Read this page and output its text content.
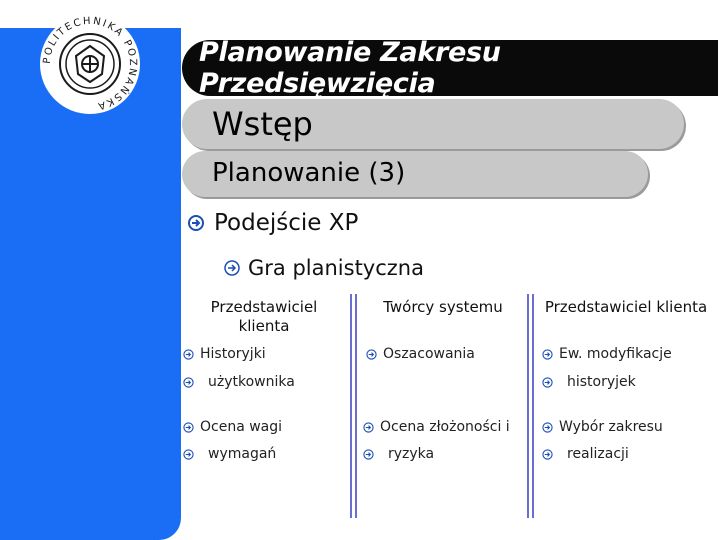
POLITECHNIKA POZNAŃSKA
Planowanie Zakresu Przedsięwzięcia
Wstęp
Planowanie (3)
Podejście XP
Gra planistyczna
Przedstawiciel klienta
Twórcy systemu	Przedstawiciel klienta
Historyjki
użytkownika
Ocena wagi
wymagań
Oszacowania
Ocena złożoności i
ryzyka
Ew. modyfikacje
historyjek
Wybór zakresu
realizacji
